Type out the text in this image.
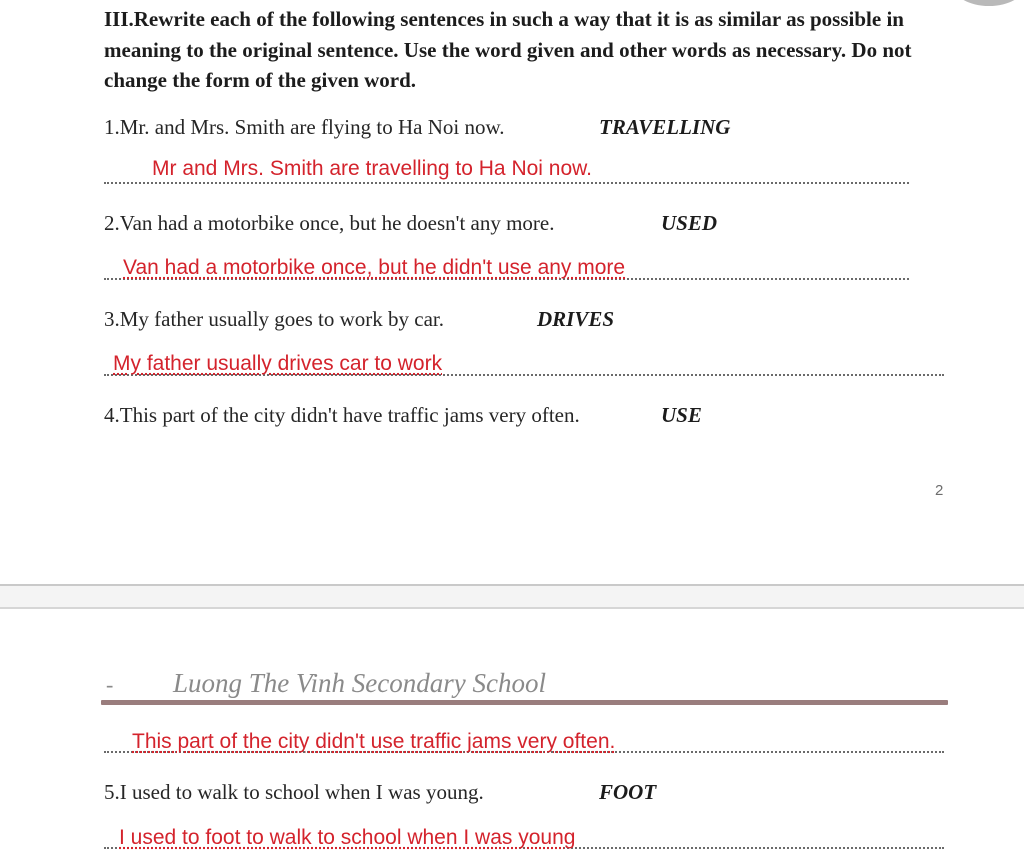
III.Rewrite each of the following sentences in such a way that it is as similar as possible in meaning to the original sentence. Use the word given and other words as necessary. Do not change the form of the given word.
1.Mr. and Mrs. Smith are flying to Ha Noi now.	TRAVELLING
Mr and Mrs. Smith are travelling to Ha Noi now.
2.Van had a motorbike once, but he doesn't any more.	USED
Van had a motorbike once, but he didn't use any more
3.My father usually goes to work by car.	DRIVES
My father usually drives car to work
4.This part of the city didn't have traffic jams very often.	USE
2
- Luong The Vinh Secondary School
This part of the city didn't use traffic jams very often.
5.I used to walk to school when I was young.	FOOT
I used to foot to walk to school when I was young
